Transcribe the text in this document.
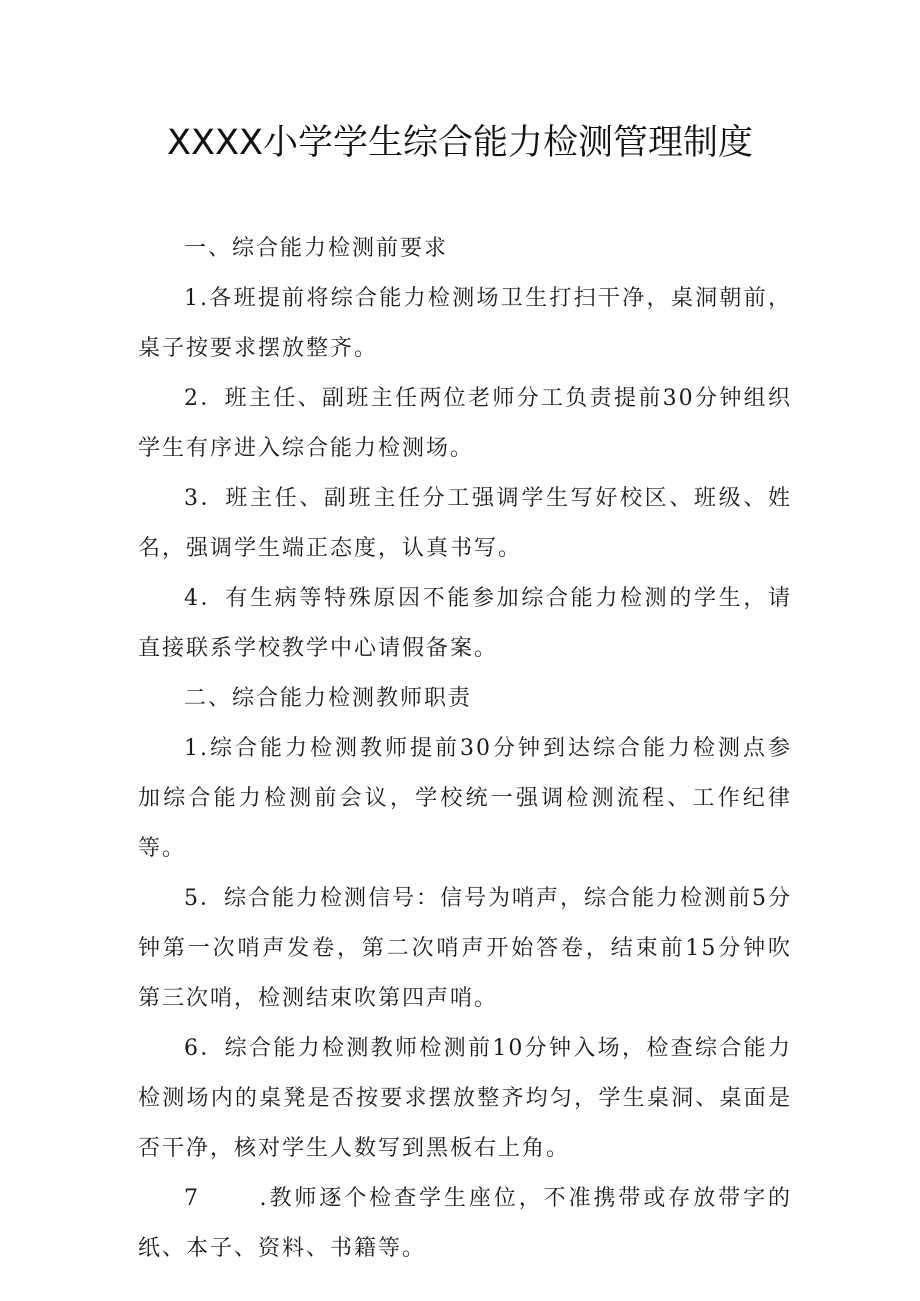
XXXX小学学生综合能力检测管理制度

一、综合能力检测前要求

1.各班提前将综合能力检测场卫生打扫干净，桌洞朝前，桌子按要求摆放整齐。

2．班主任、副班主任两位老师分工负责提前30分钟组织学生有序进入综合能力检测场。

3．班主任、副班主任分工强调学生写好校区、班级、姓名，强调学生端正态度，认真书写。

4．有生病等特殊原因不能参加综合能力检测的学生，请直接联系学校教学中心请假备案。

二、综合能力检测教师职责

1.综合能力检测教师提前30分钟到达综合能力检测点参加综合能力检测前会议，学校统一强调检测流程、工作纪律等。

5．综合能力检测信号：信号为哨声，综合能力检测前5分钟第一次哨声发卷，第二次哨声开始答卷，结束前15分钟吹第三次哨，检测结束吹第四声哨。

6．综合能力检测教师检测前10分钟入场，检查综合能力检测场内的桌凳是否按要求摆放整齐均匀，学生桌洞、桌面是否干净，核对学生人数写到黑板右上角。

7      .教师逐个检查学生座位，不准携带或存放带字的纸、本子、资料、书籍等。
